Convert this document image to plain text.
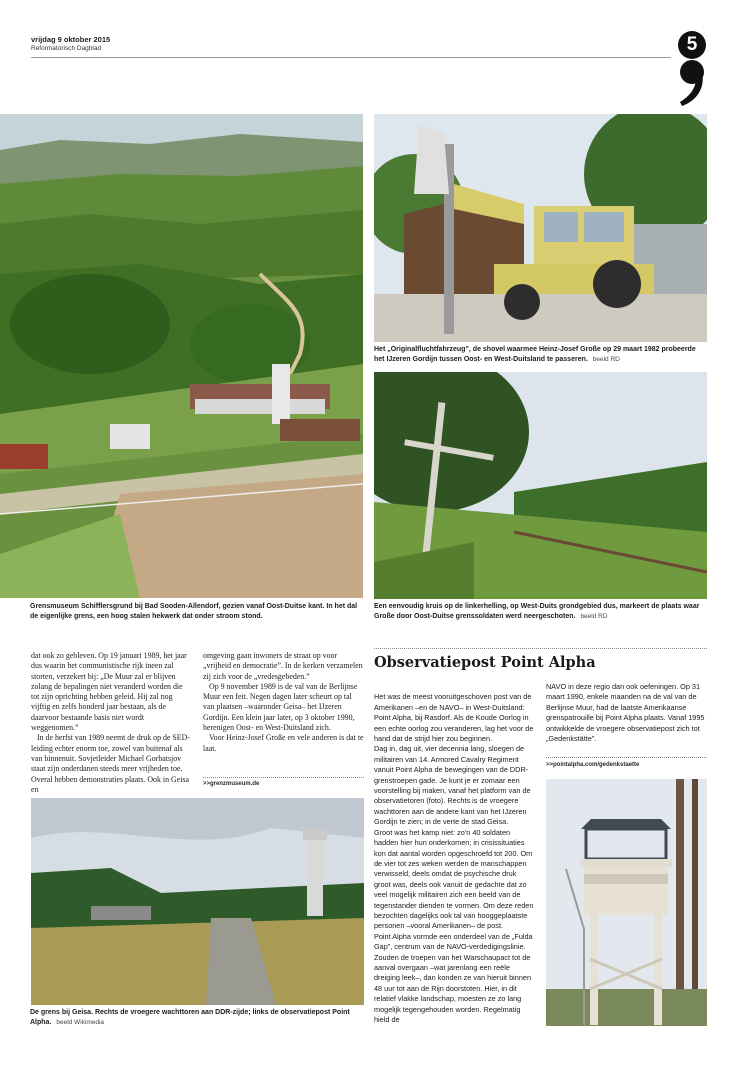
vrijdag 9 oktober 2015
Reformatorisch Dagblad	5
Het „Originalfluchtfahrzeug”, de shovel waarmee Heinz-Josef Große op 29 maart 1982 probeerde het IJzeren Gordijn tussen Oost- en West-Duitsland te passeren. beeld RD
Grensmuseum Schifflersgrund bij Bad Sooden-Allendorf, gezien vanaf Oost-Duitse kant. In het dal de eigenlijke grens, een hoog stalen hekwerk dat onder stroom stond.
Een eenvoudig kruis op de linkerhelling, op West-Duits grondgebied dus, markeert de plaats waar Große door Oost-Duitse grenssoldaten werd neergeschoten. beeld RD

dat ook zo gebleven. Op 19 januari 1989, het jaar dus waarin het communistische rijk ineen zal storten, verzekert bij: „De Muur zal er blijven zolang de bepalingen niet veranderd worden die tot zijn oprichting hebben geleid. Hij zal nog vijftig en zelfs honderd jaar bestaan, als de daarvoor bestaande basis niet wordt weggenomen.”

In de herfst van 1989 neemt de druk op de SED-leiding echter enorm toe, zowel van buitenaf als van binnenuit. Sovjetleider Michael Gorbatsjov staat zijn onderdanen steeds meer vrijheden toe. Overal hebben demonstraties plaats. Ook in Geisa en

omgeving gaan inwoners de straat op voor „vrijheid en democratie”. In de kerken verzamelen zij zich voor de „vredesgebeden.”

Op 9 november 1989 is de val van de Berlijnse Muur een feit. Negen dagen later scheurt op tal van plaatsen –waaronder Geisa– het IJzeren Gordijn. Een klein jaar later, op 3 oktober 1990, herenigen Oost- en West-Duitsland zich.

Voor Heinz-Josef Große en vele anderen is dat te laat.

>>grenzmuseum.de
De grens bij Geisa. Rechts de vroegere wachttoren aan DDR-zijde; links de observatiepost Point Alpha. beeld Wikimedia
Observatiepost Point Alpha

Het was de meest vooruitgeschoven post van de Amerikanen –en de NAVO– in West-Duitsland: Point Alpha, bij Rasdorf. Als de Koude Oorlog in een echte oorlog zou veranderen, lag het voor de hand dat de strijd hier zou beginnen.
Dag in, dag uit, vier decennia lang, sloegen de militairen van 14. Armored Cavalry Regiment vanuit Point Alpha de bewegingen van de DDR-grenstroepen gade. Je kunt je er zomaar een voorstelling bij maken, vanaf het platform van de observatietoren (foto). Rechts is de vroegere wachttoren aan de andere kant van het IJzeren Gordijn te zien; in de verte de stad Geisa.
Groot was het kamp niet: zo'n 40 soldaten hadden hier hun onderkomen; in crisissituaties kon dat aantal worden opgeschroefd tot 200. Om de vier tot zes weken werden de manschappen verwisseld, deels omdat de psychische druk groot was, deels ook vanuit de gedachte dat zo veel mogelijk militairen zich een beeld van de tegenstander dienden te vormen. Om deze reden bezochten dagelijks ook tal van hooggeplaatste personen –vooral Amerikanen– de post.
Point Alpha vormde een onderdeel van de „Fulda Gap”, centrum van de NAVO-verdedigingslinie. Zouden de troepen van het Warschaupact tot de aanval overgaan –wat jarenlang een reële dreiging leek–, dan konden ze van hieruit binnen 48 uur tot aan de Rijn doorstoten. Hier, in dit relatief vlakke landschap, moesten ze zo lang mogelijk tegengehouden worden. Regelmatig hield de

NAVO in deze regio dan ook oefeningen. Op 31 maart 1990, enkele maanden na de val van de Berlijnse Muur, had de laatste Amerikaanse grenspatrouille bij Point Alpha plaats. Vanaf 1995 ontwikkelde de vroegere observatiepost zich tot „Gedenkstätte”.

>>pointalpha.com/gedenkstaette
